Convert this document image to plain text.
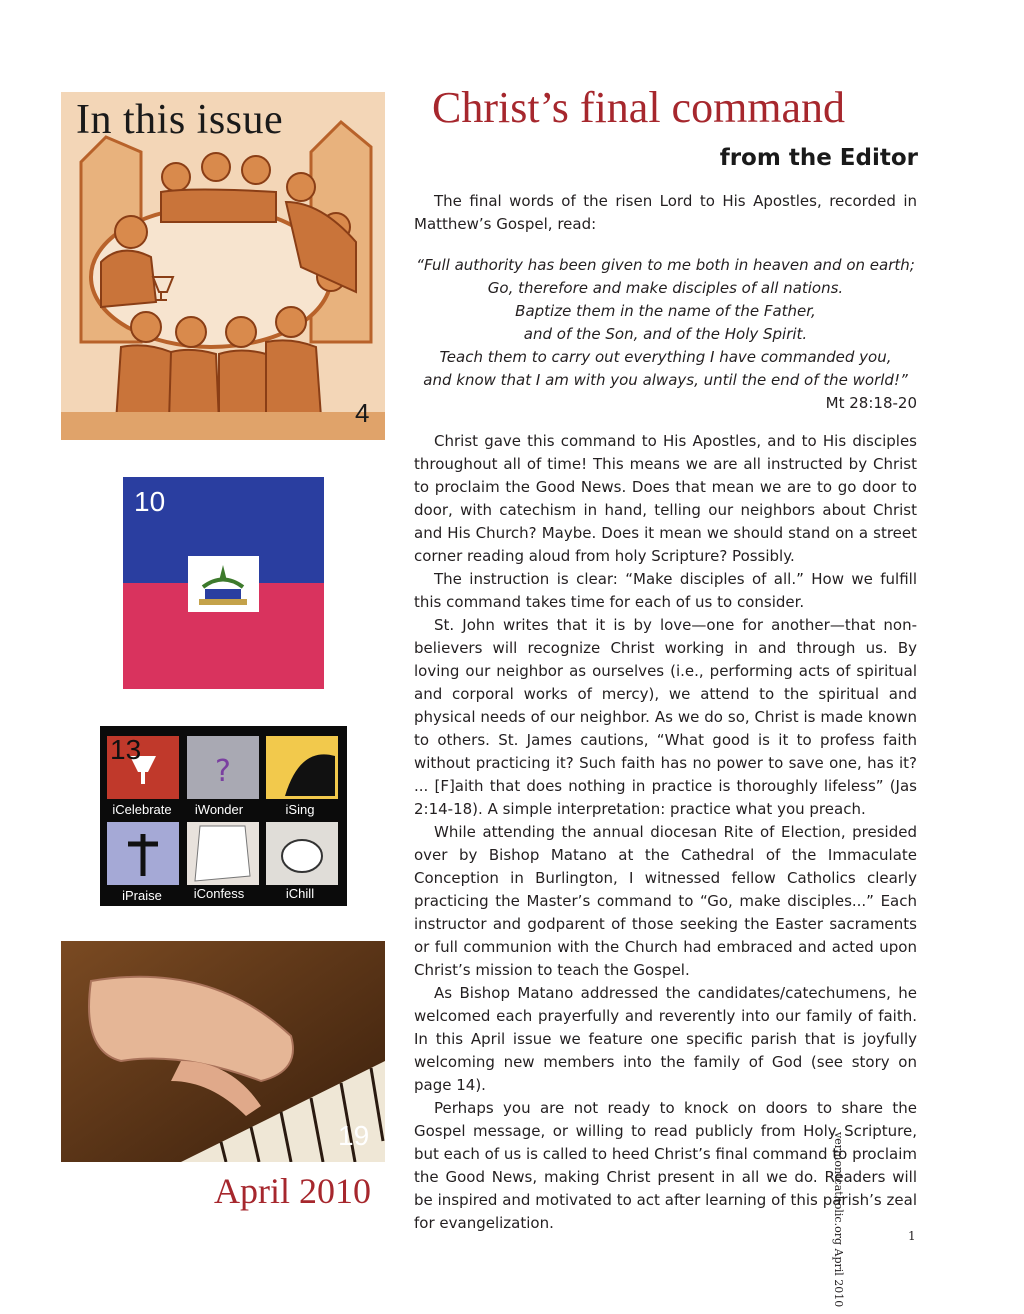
In this issue
4
10
?
13
iCelebrate	iWonder	iSing
iPraise	iConfess	iChill
19
April 2010
Christ’s final command
from the Editor

The final words of the risen Lord to His Apostles, recorded in Matthew’s Gospel, read:

“Full authority has been given to me both in heaven and on earth;
Go, therefore and make disciples of all nations.
Baptize them in the name of the Father,
and of the Son, and of the Holy Spirit.
Teach them to carry out everything I have commanded you,
and know that I am with you always, until the end of the world!”
Mt 28:18-20

Christ gave this command to His Apostles, and to His disciples throughout all of time! This means we are all instructed by Christ to proclaim the Good News. Does that mean we are to go door to door, with catechism in hand, telling our neighbors about Christ and His Church? Maybe. Does it mean we should stand on a street corner reading aloud from holy Scripture? Possibly.

The instruction is clear: “Make disciples of all.” How we fulfill this command takes time for each of us to consider.

St. John writes that it is by love—one for another—that non-believers will recognize Christ working in and through us. By loving our neighbor as ourselves (i.e., performing acts of spiritual and corporal works of mercy), we attend to the spiritual and physical needs of our neighbor. As we do so, Christ is made known to others. St. James cautions, “What good is it to profess faith without practicing it? Such faith has no power to save one, has it? ... [F]aith that does nothing in practice is thoroughly lifeless” (Jas 2:14-18). A simple interpretation: practice what you preach.

While attending the annual diocesan Rite of Election, presided over by Bishop Matano at the Cathedral of the Immaculate Conception in Burlington, I witnessed fellow Catholics clearly practicing the Master’s command to “Go, make disciples...” Each instructor and godparent of those seeking the Easter sacraments or full communion with the Church had embraced and acted upon Christ’s mission to teach the Gospel.

As Bishop Matano addressed the candidates/catechumens, he welcomed each prayerfully and reverently into our family of faith. In this April issue we feature one specific parish that is joyfully welcoming new members into the family of God (see story on page 14).

Perhaps you are not ready to knock on doors to share the Gospel message, or willing to read publicly from Holy Scripture, but each of us is called to heed Christ’s final command to proclaim the Good News, making Christ present in all we do. Readers will be inspired and motivated to act after learning of this parish’s zeal for evangelization.	vermontcatholic.org April 2010	1
